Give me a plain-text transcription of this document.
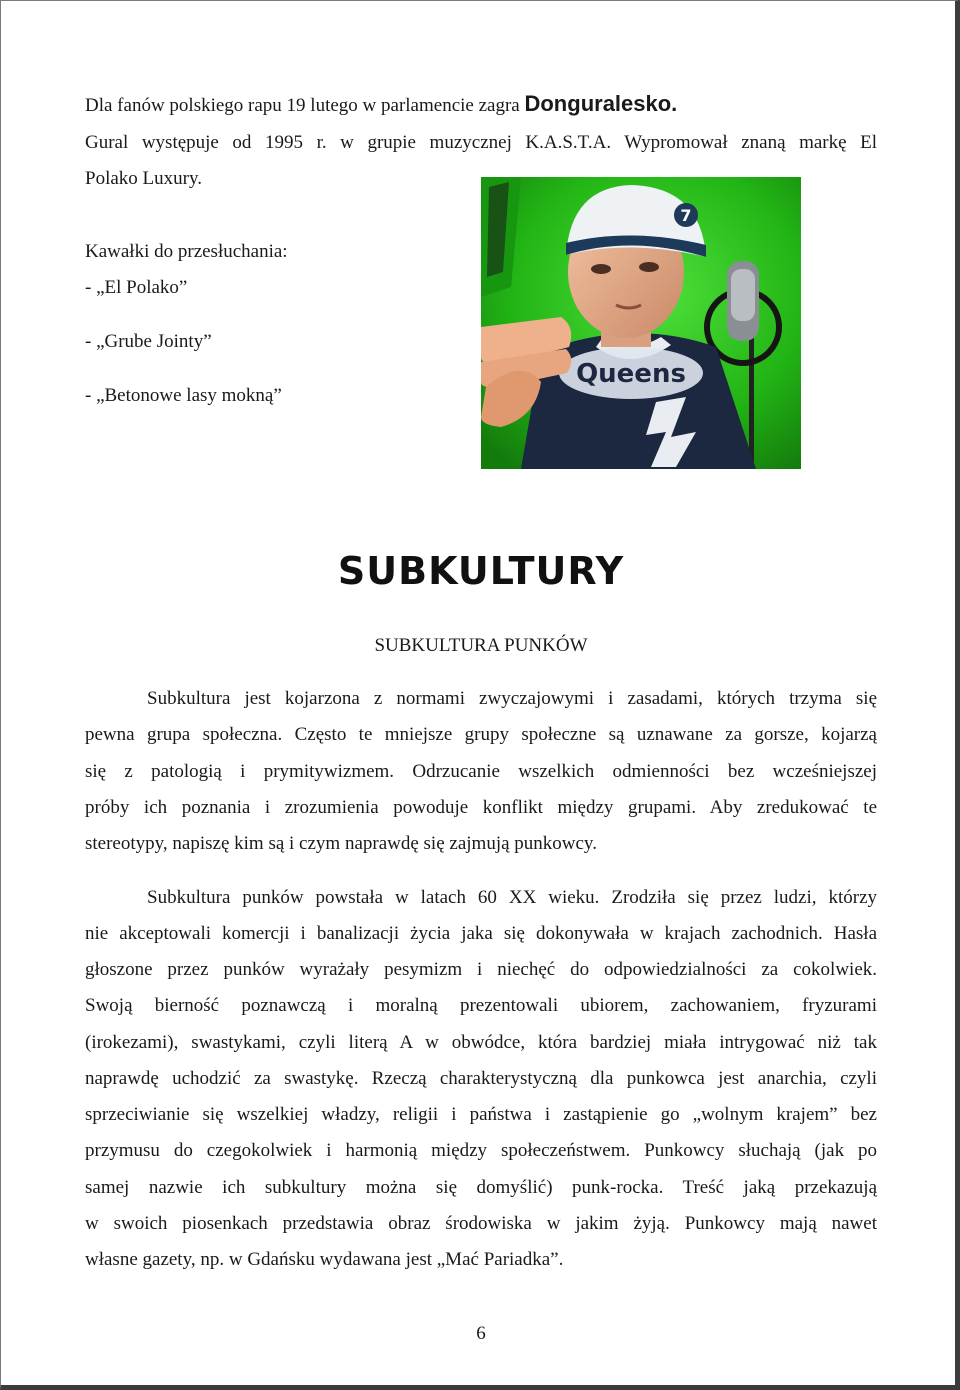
Dla fanów polskiego rapu 19 lutego w parlamencie zagra Donguralesko.
Gural występuje od 1995 r. w grupie muzycznej K.A.S.T.A. Wypromował znaną markę El
Polako Luxury.
Kawałki do przesłuchania:
- „El Polako”
- „Grube Jointy”
- „Betonowe lasy mokną”
Queens
7
SUBKULTURY
SUBKULTURA PUNKÓW
Subkultura jest kojarzona z normami zwyczajowymi i zasadami, których trzyma się
pewna grupa społeczna. Często te mniejsze grupy społeczne są uznawane za gorsze, kojarzą
się z patologią i prymitywizmem. Odrzucanie wszelkich odmienności bez wcześniejszej
próby ich poznania i zrozumienia powoduje konflikt między grupami. Aby zredukować te
stereotypy, napiszę kim są i czym naprawdę się zajmują punkowcy.
Subkultura punków powstała w latach 60 XX wieku. Zrodziła się przez ludzi, którzy
nie akceptowali komercji i banalizacji życia jaka się dokonywała w krajach zachodnich. Hasła
głoszone przez punków wyrażały pesymizm i niechęć do odpowiedzialności za cokolwiek.
Swoją bierność poznawczą i moralną prezentowali ubiorem, zachowaniem, fryzurami
(irokezami), swastykami, czyli literą A w obwódce, która bardziej miała intrygować niż tak
naprawdę uchodzić za swastykę. Rzeczą charakterystyczną dla punkowca jest anarchia, czyli
sprzeciwianie się wszelkiej władzy, religii i państwa i zastąpienie go „wolnym krajem” bez
przymusu do czegokolwiek i harmonią między społeczeństwem. Punkowcy słuchają (jak po
samej nazwie ich subkultury można się domyślić) punk-rocka. Treść jaką przekazują
w swoich piosenkach przedstawia obraz środowiska w jakim żyją. Punkowcy mają nawet
własne gazety, np. w Gdańsku wydawana jest „Mać Pariadka”.
6
